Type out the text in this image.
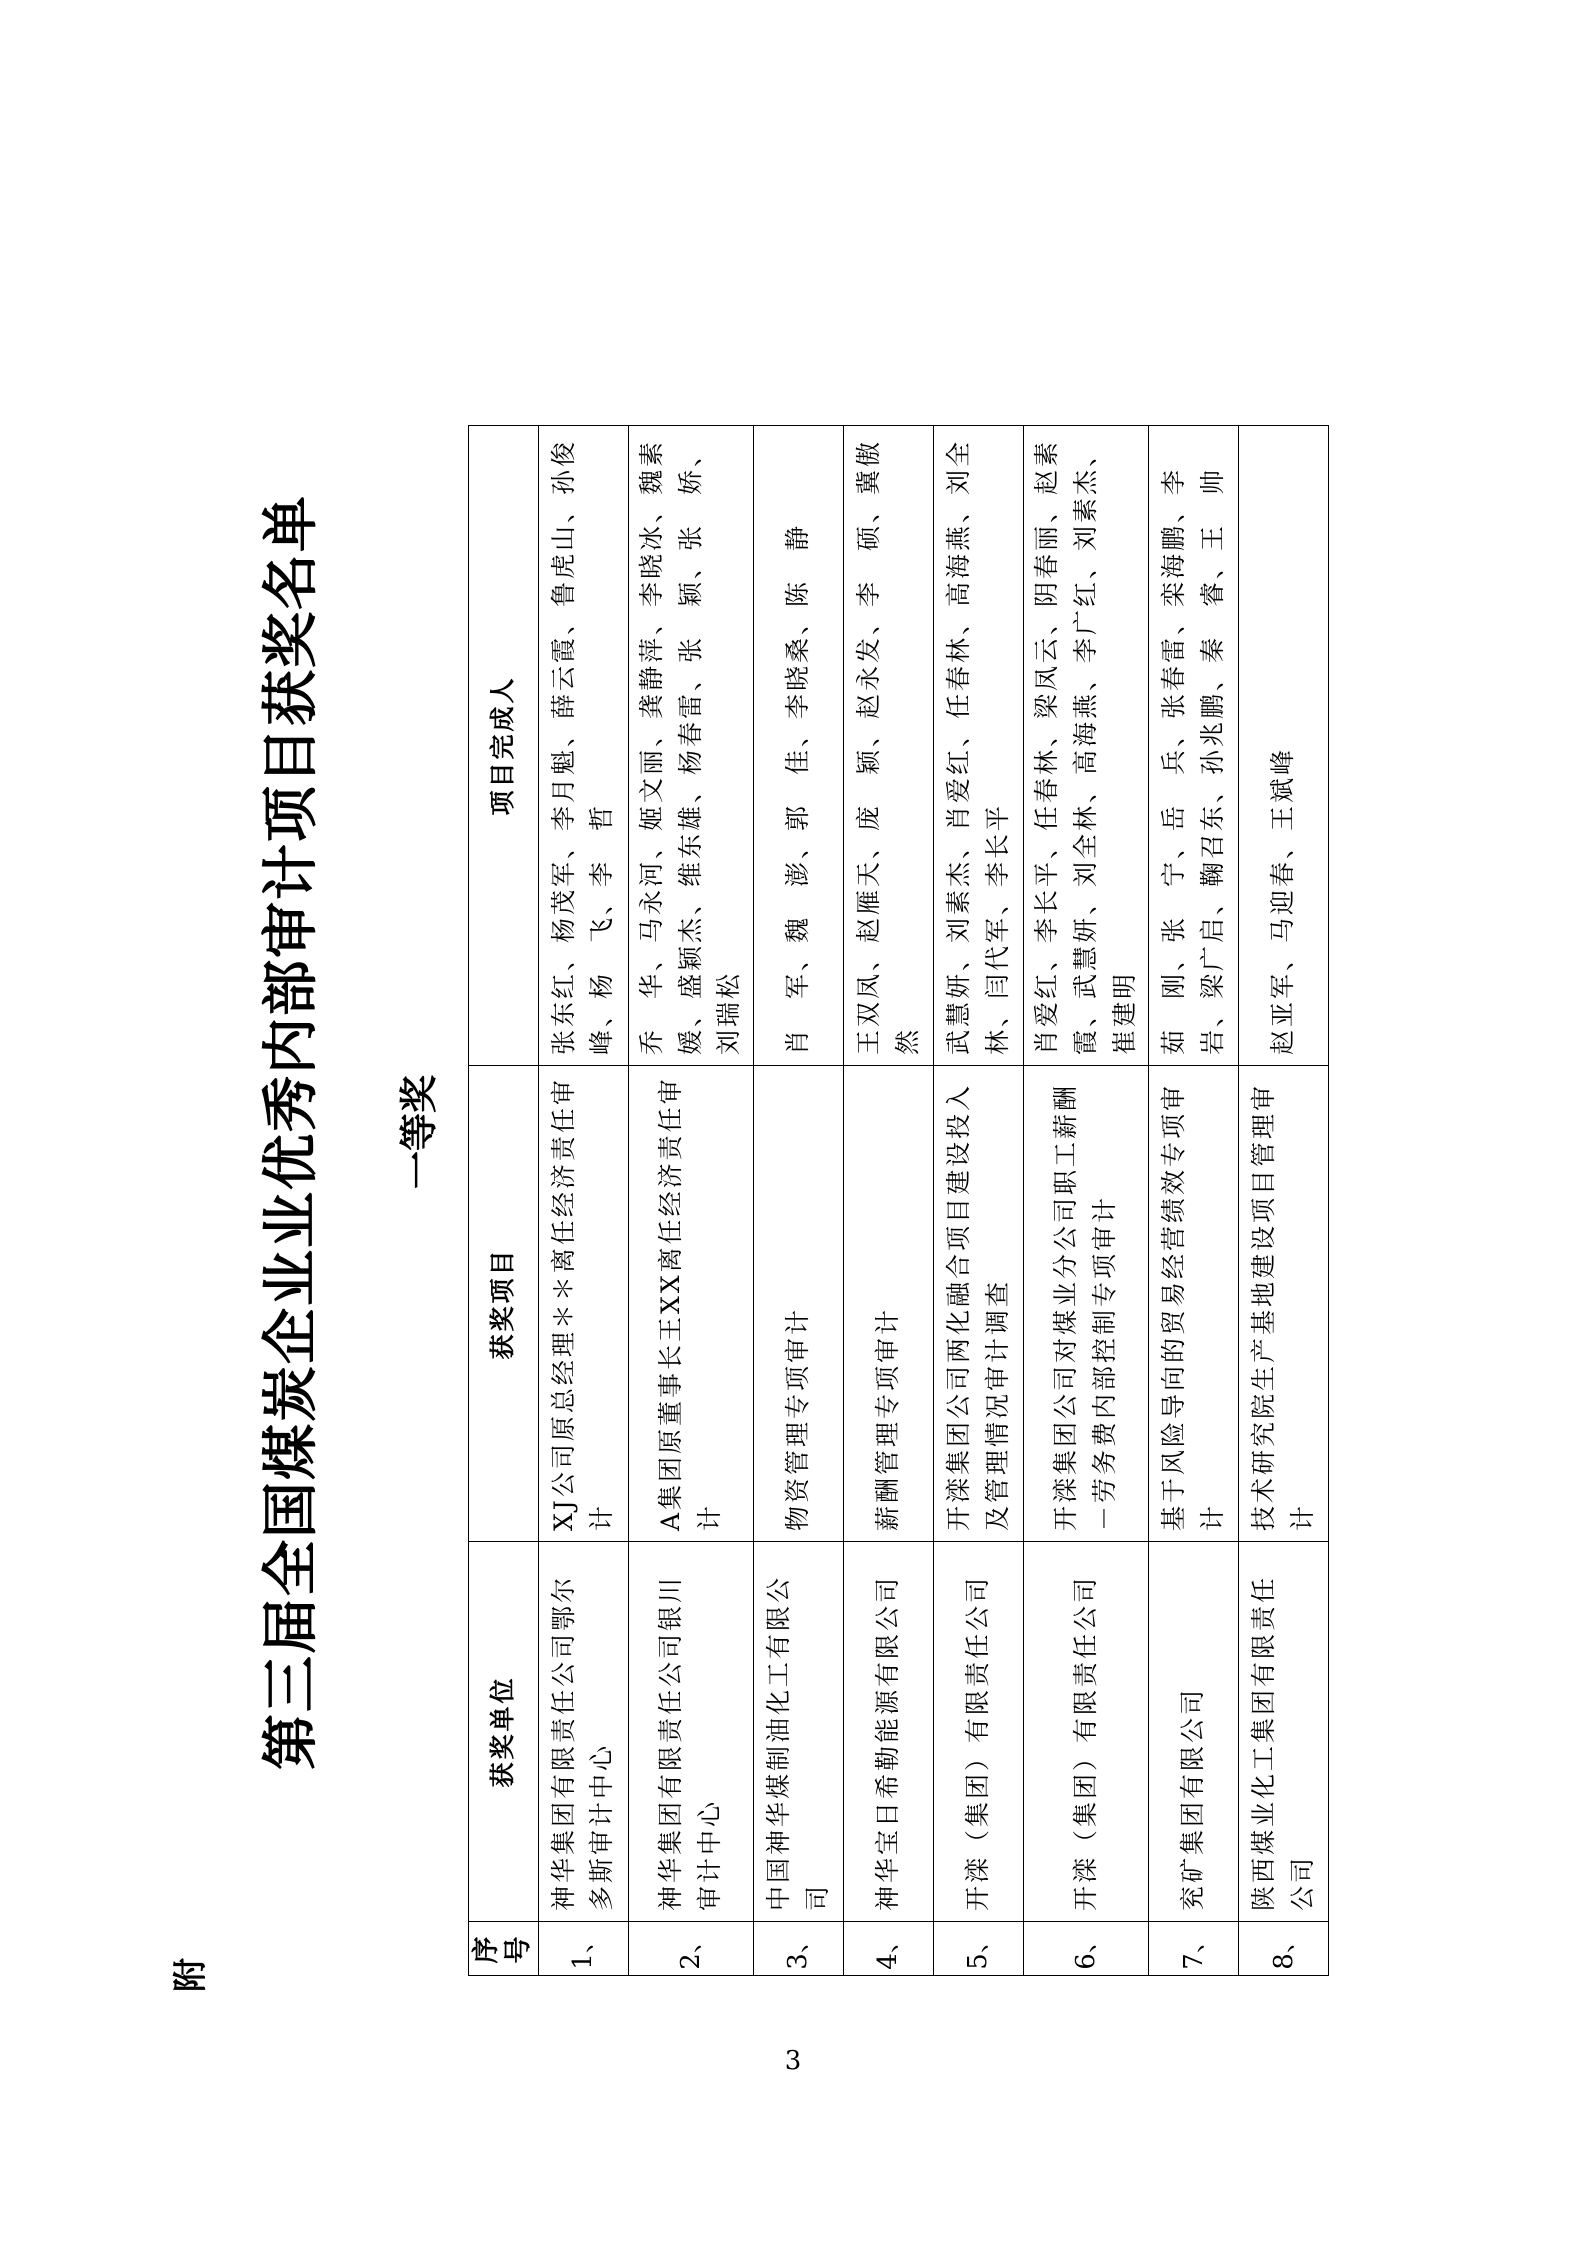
附
第三届全国煤炭企业业优秀内部审计项目获奖名单 一等奖
序号	获奖单位	获奖项目	项目完成人
1、	神华集团有限责任公司鄂尔多斯审计中心	XJ公司原总经理＊＊离任经济责任审计	张东红、杨茂军、李月魁、薛云霞、鲁虎山、孙俊峰、杨　飞、李　哲
2、	神华集团有限责任公司银川审计中心	A集团原董事长王XX离任经济责任审计	乔　华、马永河、姬文丽、龚静萍、李晓冰、魏素媛、盛颖杰、维东雄、杨春雷、张　颖、张　娇、刘瑞松
3、	中国神华煤制油化工有限公司	物资管理专项审计	肖　军、魏　澎、郭　佳、李晓桑、陈　静
4、	神华宝日希勒能源有限公司	薪酬管理专项审计	王双凤、赵雁天、庞　颖、赵永发、李　硕、冀傲然
5、	开滦（集团）有限责任公司	开滦集团公司两化融合项目建设投入及管理情况审计调查	武慧妍、刘素杰、肖爱红、任春林、高海燕、刘全林、闫代军、李长平
6、	开滦（集团）有限责任公司	开滦集团公司对煤业分公司职工薪酬－劳务费内部控制专项审计	肖爱红、李长平、任春林、梁凤云、阴春丽、赵素霞、武慧妍、刘全林、高海燕、李广红、刘素杰、崔建明
7、	兖矿集团有限公司	基于风险导向的贸易经营绩效专项审计	茹　刚、张　宁、岳　兵、张春雷、栾海鹏、李　岩、梁广启、鞠召东、孙兆鹏、秦　睿、王　帅
8、	陕西煤业化工集团有限责任公司	技术研究院生产基地建设项目管理审计	赵亚军、马迎春、王斌峰
3
